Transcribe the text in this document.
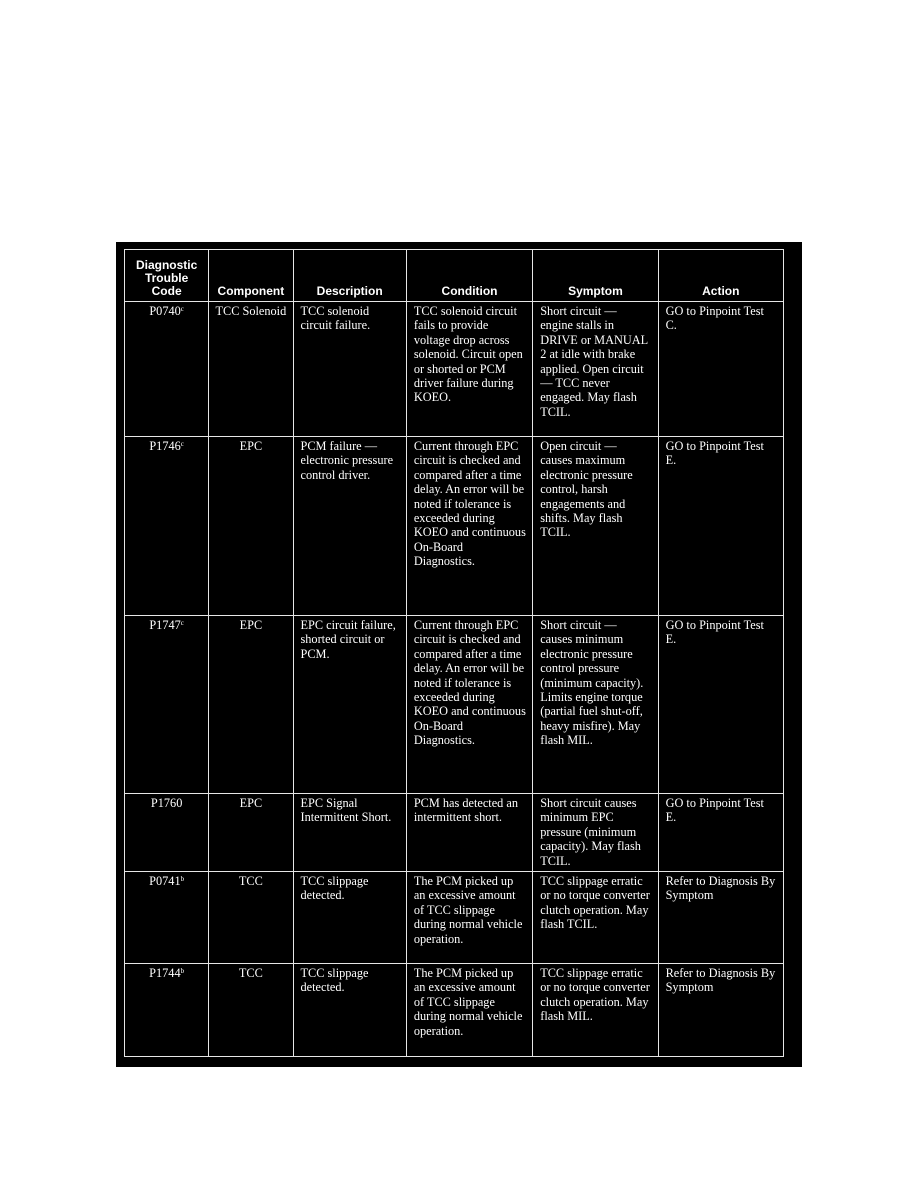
Diagnostic
Trouble
Code	Component	Description	Condition	Symptom	Action
P0740$^c$	TCC Solenoid	TCC solenoid circuit failure.	TCC solenoid circuit fails to provide voltage drop across solenoid. Circuit open or shorted or PCM driver failure during KOEO.	Short circuit — engine stalls in DRIVE or MANUAL 2 at idle with brake applied. Open circuit — TCC never engaged. May flash TCIL.	GO to Pinpoint Test C.
P1746$^c$	EPC	PCM failure — electronic pressure control driver.	Current through EPC circuit is checked and compared after a time delay. An error will be noted if tolerance is exceeded during KOEO and continuous On-Board Diagnostics.	Open circuit — causes maximum electronic pressure control, harsh engagements and shifts. May flash TCIL.	GO to Pinpoint Test E.
P1747$^c$	EPC	EPC circuit failure, shorted circuit or PCM.	Current through EPC circuit is checked and compared after a time delay. An error will be noted if tolerance is exceeded during KOEO and continuous On-Board Diagnostics.	Short circuit — causes minimum electronic pressure control pressure (minimum capacity). Limits engine torque (partial fuel shut-off, heavy misfire). May flash MIL.	GO to Pinpoint Test E.
P1760	EPC	EPC Signal Intermittent Short.	PCM has detected an intermittent short.	Short circuit causes minimum EPC pressure (minimum capacity). May flash TCIL.	GO to Pinpoint Test E.
P0741$^b$	TCC	TCC slippage detected.	The PCM picked up an excessive amount of TCC slippage during normal vehicle operation.	TCC slippage erratic or no torque converter clutch operation. May flash TCIL.	Refer to Diagnosis By Symptom
P1744$^b$	TCC	TCC slippage detected.	The PCM picked up an excessive amount of TCC slippage during normal vehicle operation.	TCC slippage erratic or no torque converter clutch operation. May flash MIL.	Refer to Diagnosis By Symptom
